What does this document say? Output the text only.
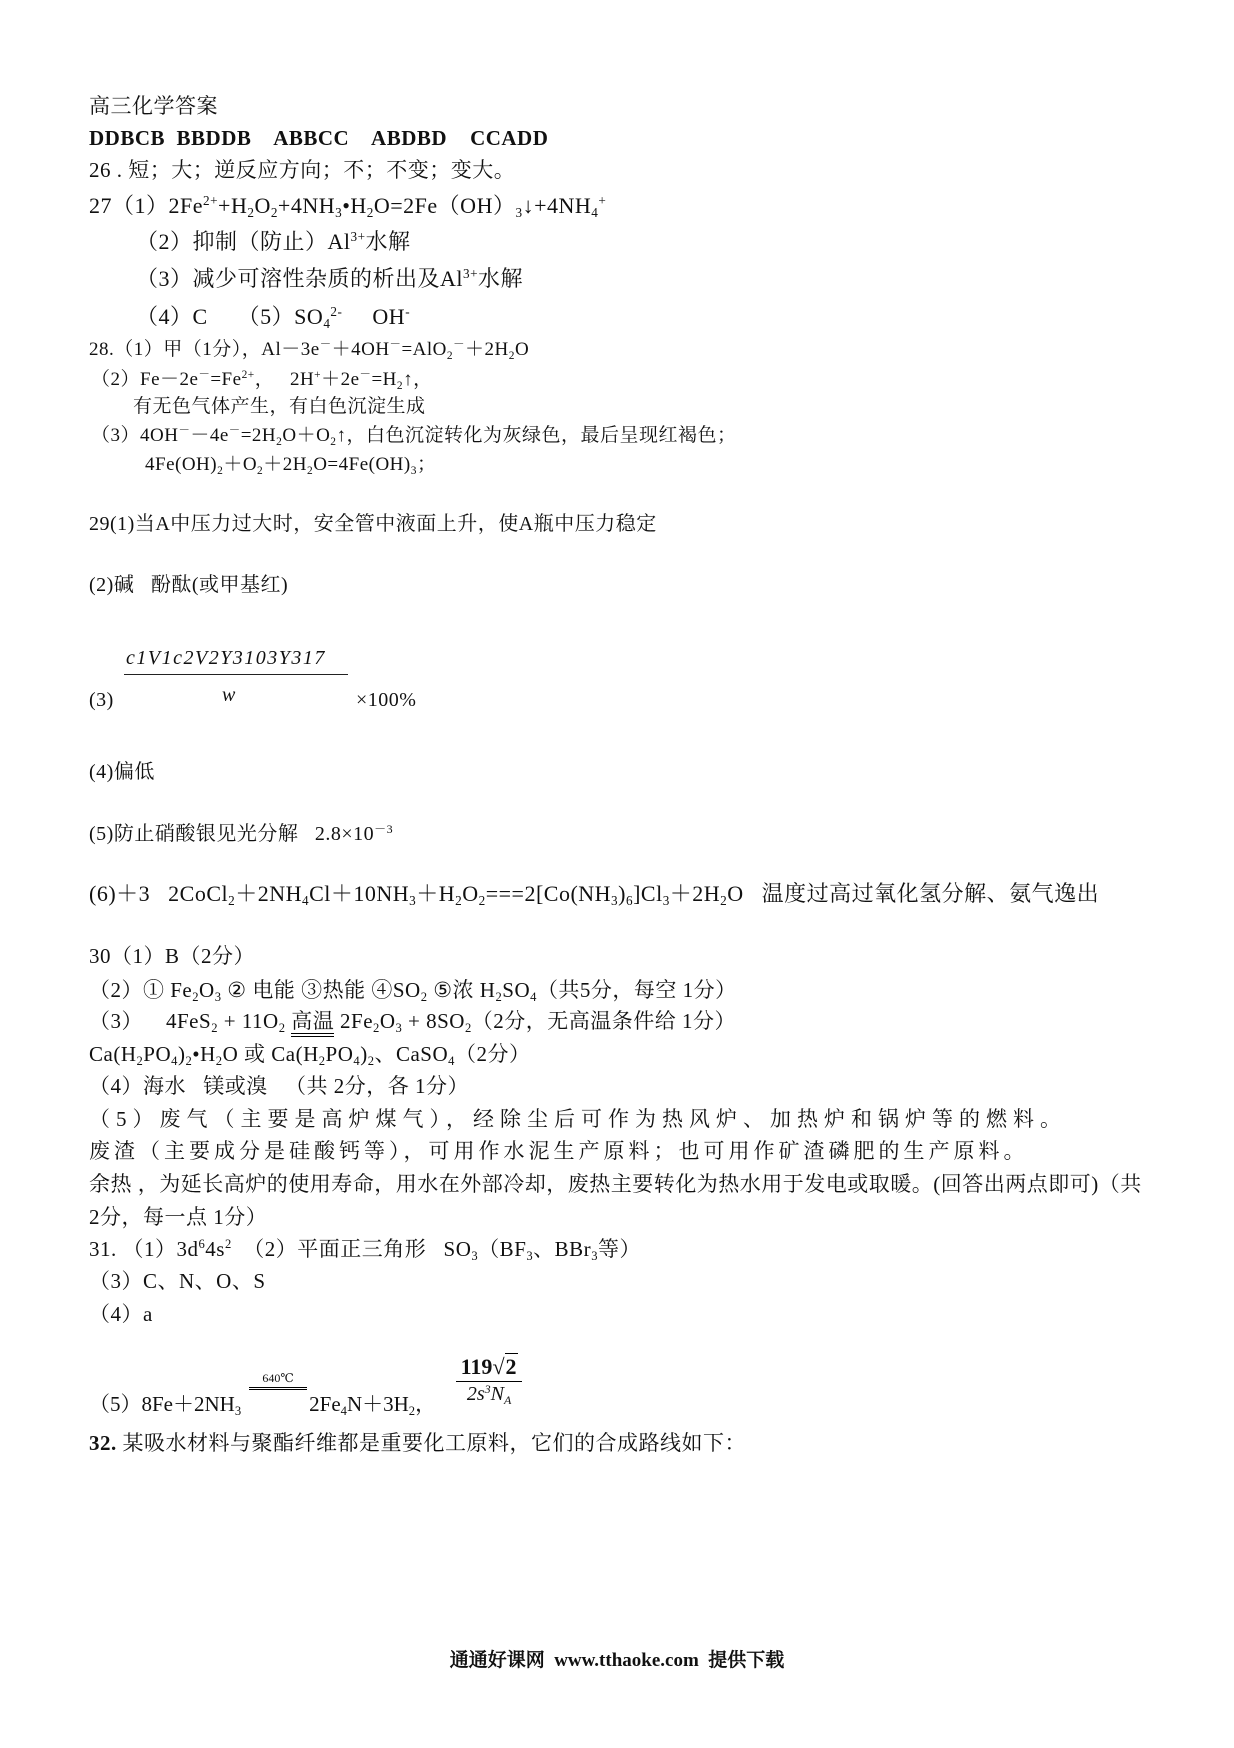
高三化学答案
DDBCB  BBDDB    ABBCC    ABDBD    CCADD
26 . 短；大；逆反应方向；不；不变；变大。
$27(1)2Fe^{2+}+H2O2+4NH3•H2O=2Fe(OH)3↓+4NH4^+$
（2）抑制（防止）$Al^{3+}$水解
（3）减少可溶性杂质的析出及$Al^{3+}$水解
（4）C     $(5)SO4^{2-}$     OH-
28.（1）甲（1分），Al－3e－＋4OH－=AlO2－＋2H2O
$(2)Fe-2e^-=Fe^{2+}$，   2H+＋2e－=H2↑，
有无色气体产生，有白色沉淀生成
（3）4OH－－4e－=2H2O＋O2↑，白色沉淀转化为灰绿色，最后呈现红褐色；
4Fe(OH)2＋O2＋2H2O=4Fe(OH)3；
29(1)当A中压力过大时，安全管中液面上升，使A瓶中压力稳定
(2)碱   酚酞(或甲基红)
(3)
c1V1c2V2Y3103Y317
w	×100%
(4)偏低
(5)防止硝酸银见光分解   $2.8\times 10^{-3}$
(6)＋3   2CoCl2＋2NH4Cl＋10NH3＋H2O2===2[Co(NH3)6]Cl3＋2H2O   温度过高过氧化氢分解、氨气逸出
30（1）B（2分）
（2）① Fe2O3 ② 电能 ③热能 ④SO2 ⑤浓 H2SO4（共5分，每空 1分）
（3）    4FeS2 + 11O2 高温 2Fe2O3 + 8SO2（2分，无高温条件给 1分）
Ca(H2PO4)2•H2O 或 Ca(H2PO4)2、CaSO4（2分）
（4）海水   镁或溴   （共 2分，各 1分）
（5）废气（主要是高炉煤气），经除尘后可作为热风炉、加热炉和锅炉等的燃料。
废渣（主要成分是硅酸钙等），可用作水泥生产原料；也可用作矿渣磷肥的生产原料。
余热 ，为延长高炉的使用寿命，用水在外部冷却，废热主要转化为热水用于发电或取暖。(回答出两点即可)（共
2分，每一点 1分）
31. $(1)3d^64s^2$  （2）平面正三角形   SO3（BF3、BBr3等）
（3）C、N、O、S
（4）a
（5）8Fe＋2NH3
640℃
2Fe4N＋3H2， $\frac{119√2}{2s^3NA}$
32. 某吸水材料与聚酯纤维都是重要化工原料，它们的合成路线如下：
通通好课网  www.tthaoke.com  提供下载
